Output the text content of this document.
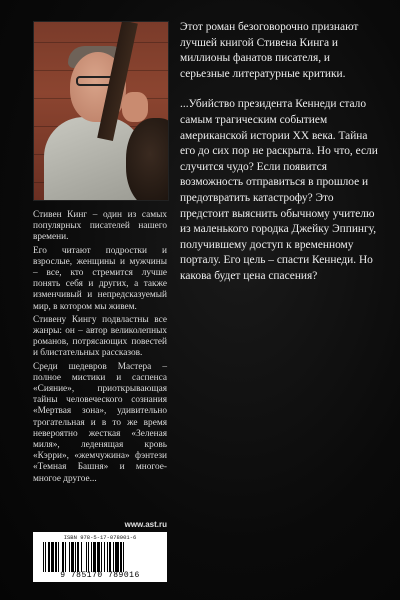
Стивен Кинг – один из самых популярных писателей нашего времени.

Его читают подростки и взрослые, женщины и мужчины – все, кто стремится лучше понять себя и других, а также изменчивый и непредсказуемый мир, в котором мы живем.

Стивену Кингу подвластны все жанры: он – автор великолепных романов, потрясающих повестей и блистательных рассказов.

Среди шедевров Мастера – полное мистики и саспенса «Сияние», приоткрывающая тайны человеческого сознания «Мертвая зона», удивительно трогательная и в то же время невероятно жесткая «Зеленая миля», леденящая кровь «Кэрри», «жемчужина» фэнтези «Темная Башня» и многое-многое другое...

www.ast.ru
ISBN 978-5-17-078901-6
9 785170 789016

Этот роман безоговорочно признают лучшей книгой Стивена Кинга и миллионы фанатов писателя, и серьезные литературные критики.

...Убийство президента Кеннеди стало самым трагическим событием американской истории XX века. Тайна его до сих пор не раскрыта. Но что, если случится чудо? Если появится возможность отправиться в прошлое и предотвратить катастрофу? Это предстоит выяснить обычному учителю из маленького городка Джейку Эппингу, получившему доступ к временному порталу. Его цель – спасти Кеннеди. Но какова будет цена спасения?
